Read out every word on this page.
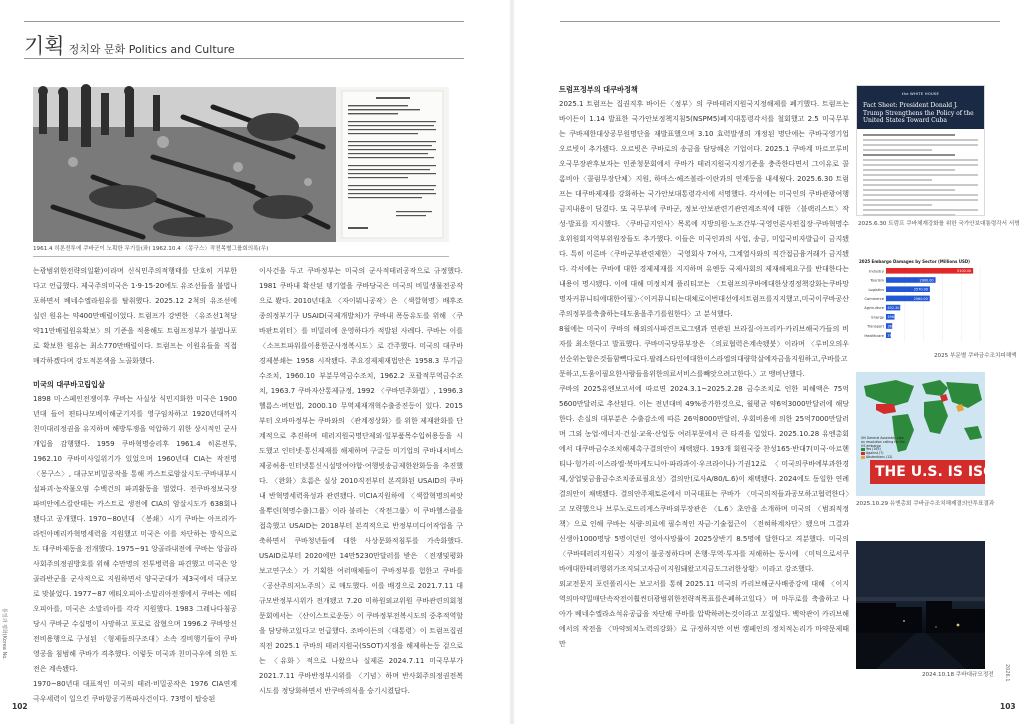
기획 정치와 문화 Politics and Culture
1961.4 히론전투에 쿠바군이 노획한 무기들(좌) 1962.10.4 〈몽구스〉작전목별그룹회의록(우)

는광범위한전략의일환)이라며 신식민주의적행태를 단호히 거부한다고 언급했다. 제국주의미국은 1·9·15·20에도 유조선들을 불법나포하면서 베네수엘라원유를 탈취했다. 2025.12 2척의 유조선에 실린 원유는 약400만배럴이었다. 트럼프가 강변한 〈유조선1척당약11만배럴원유확보〉의 기준을 적용해도 트럼프정부가 불법나포로 확보한 원유는 최소770만배럴이다. 트럼프는 이원유들을 직접 매각하겠다며 강도적본색을 노골화했다.

미국의 대쿠바고립입살

1898 미·스페인전쟁이후 쿠바는 사실상 식민지화한 미국은 1900년대 들어 편타나모베이해군기지를 영구임차하고 1920년대까지 친미대리정권을 유지하며 해방투쟁을 억압하기 위한 상시적인 군사개입을 감행했다. 1959 쿠바혁명승리후 1961.4 히론전투, 1962.10 쿠바미사일위기가 있었으며 1960년대 CIA는 작전명〈몽구스〉, 대규모비밀공작을 통해 카스트로암살시도·쿠바내부시설파괴·농작물오염 수백건의 파괴활동을 벌였다. 전쿠바정보국장 파비안에스칼란테는 카스트로 생전에 CIA의 암살시도가 638회나 됐다고 공개했다. 1970~80년대 〈봉쇄〉시기 쿠바는 아프리카·라틴아메리카혁명세력을 지원했고 미국은 이를 차단하는 방식으로도 대쿠바제동을 전개했다. 1975~91 앙골라내전에 쿠바는 앙골라사회주의정권방호를 위해 수만명의 전투병력을 파견했고 미국은 앙골라반군을 군사적으로 지원하면서 양국군대가 제3국에서 대규모로 맞붙었다. 1977~87 에티오피아·소말리아전쟁에서 쿠바는 에티오피아를, 미국은 소말리아를 각각 지원했다. 1983 그레나다침공당시 쿠바군 수십명이 사망하고 포로로 잡혔으며 1996.2 쿠바망신전비용행으로 구성된 〈형제들의구조대〉소속 경비행기들이 쿠바영공을 침범해 쿠바가 격추했다. 이렇듯 미국과 친미극우에 의한 도전은 계속됐다.

1970~80년대 대표적인 미국의 테러·비밀공작은 1976 CIA연계 극우세력이 일으킨 쿠바항공기폭파사건이다. 73명이 탑승된

이사건을 두고 쿠바정부는 미국의 군사적테러공작으로 규정했다. 1981 쿠바내 확산된 뎅기열을 쿠바당국은 미국의 비밀생물전공작으로 봤다. 2010년대초 〈자이붜니공작〉은 〈색깔혁명〉배후조종의정부기구 USAID(국제개발처)가 쿠바내 폭동유도를 위해 〈쿠바판트위터〉를 비밀리에 운영하다가 적발된 사례다. 쿠바는 이를 〈소프트파워를이용한군사정복시도〉로 간주했다. 미국의 대쿠바경제봉쇄는 1958 시작됐다. 주요경제제재법안은 1958.3 무기금수조치, 1960.10 부분무역금수조치, 1962.2 포괄적무역금수조치, 1963.7 쿠바자산통제규정, 1992 〈쿠바민주화법〉, 1996.3 헬름스·버턴법, 2000.10 무역제재개혁수출증진등이 있다. 2015부터 오바마정부는 쿠바와의 〈관계정상화〉를 위한 제재완화를 단계적으로 추진하며 테러지원국명단제외·일부품목수입허용등을 시도했고 인터넷·통신제재를 해제하며 구글등 미기업의 쿠바내서비스제공허용·인터넷통신시설망여야합·여행빗송금제한완화등을 추진했다. 〈완화〉흐름은 실상 2010직전부터 본격화된 USAID의 쿠바내 반혁명세력육성과 관련됐다. 미CIA지원하에 〈색깔혁명의씨앗을뿌린(혁명수출)그룹〉이라 불리는 〈작전그룹〉이 쿠바헬스클을 접촉했고 USAID는 2018부터 본격적으로 반정부미디어작업을 구축하면서 쿠바청년들에 대한 사상문화적침투를 가속화했다. USAID로부터 2020에만 14만5230만달러를 받은 〈전쟁및평화보고연구소〉가 기획한 여러매체들이 쿠바정부를 험한고 쿠바를 〈공산주의저노주의〉로 매도했다. 이를 배경으로 2021.7.11 대규모반정부시위가 전개됐고 7.20 미하원외교위원 쿠바관련의회청문회에서는 〈산이스트로운동〉이 쿠바정부전복시도의 중추적역할을 담당하고있다고 언급했다. 조바이든의〈대통령〉이 트럼프집권직전 2025.1 쿠바의 테러지원국(SSOT)지정을 해제하는등 겉으로는 〈유화〉적으로 나왔으나 실제론 2024.7.11 미국무부가 2021.7.11 쿠바반정부시위를 〈기념〉하며 반사회주의정권전복시도를 정당화하면서 반쿠바의식을 승기시켰답다.

통일과 평화(Korea No.
102

트럼프정부의 대쿠바정책

2025.1 트럼프는 집권직후 바이든〈정부〉의 쿠바테러지원국지정해제를 폐기했다. 트럼프는 바이든이 1.14 발표한 국가안보정책지침5(NSPM5)폐지대통령각서를 철회했고 2.5 미국무부는 쿠바제한대상공무원명단을 재발표했으며 3.10 효력발생의 개정된 명단에는 쿠바국영기업 오르빗이 추가됐다. 오르빗은 쿠바로의 송금을 담당해온 기업이다. 2025.1 쿠바계 마르코루비오국무장관후보자는 인준청문회에서 쿠바가 테러지원국지정기준을 충족한다면서 그이유로 콜롬비아〈콜럼무장단체〉지원, 하마스·헤즈볼라·이란과의 연계등을 내세웠다. 2025.6.30 트럼프는 대쿠바제재를 강화하는 국가안보대통령각서에 서명했다. 각서에는 미국인의 쿠바관광여행금지내용이 담겼다. 또 국무부에 쿠바군, 정보·안보관련기관연계조직에 대한 〈블랙리스트〉작성·발표를 지시했다. 〈쿠바금지인사〉목록에 지방의원·노조간부·국영언론사편집장·쿠바혁명수호위원회지역부위원장들도 추가했다. 이들은 미국인과의 사업, 송금, 미입국비자발급이 금지됐다. 특히 이른바〈쿠바군부관련제한〉 국영회사 7여사, 그계열사와의 직간접금융거래가 금지됐다. 각서에는 쿠바에 대한 경제제재를 지지하며 유엔등 국제사회의 제재해제요구를 반대한다는 내용이 명시됐다. 이에 대해 미정치계 플리티코는 〈트럼프의쿠바에대한상경정책강화는쿠바망명자커뮤니티에대한어필〉·〈이커뮤니티는대체로이번대선에서트럼프를지지했고,미국이쿠바공산주의정부를축출하는데도움을주기를원한다〉고 분석했다.
8월에는 미국이 쿠바의 해외의사파견프로그램과 연관된 브라질·아프리카·카리브해국가들의 비자를 최소한다고 발표했다. 쿠바미국당뮤부장은 〈의료협력은계속됐붓〉이라며 〈루비오의우선순위는합은것들함빽다로다.팔레스타인에대한이스라엘의대량학살에자금을지원하고,쿠바를고문하고,도움이필요한사람들을위한의료서비스를빼앗으려고한다.〉고 맹비난했다.
쿠바의 2025유엔보고서에 따르면 2024.3.1~2025.2.28 금수조치로 인한 피해액은 75억5600만달러로 추산된다. 이는 전년대비 49%증가한것으로, 월평균 약6억3000만달러에 해당한다. 손실의 대부분은 수출감소에 따른 26억8000만달러, 우회비용에 의한 25억7000만달러며 그외 농업·에너지·건설·교육·산업등 여러부문에서 큰 타격을 입었다. 2025.10.28 유엔총회에서 대쿠바금수조치해제촉구결의안이 채택됐다. 193개 회원국중 찬성165·반대7(미국·아르헨티나·헝가리·이스라엘·북마케도니아·파라과이·우크라이나)·기권12로 〈미국의쿠바에부과한경제,상업및금융금수조치종료필요성〉결의안(로사A/80/L.6)이 채택됐다. 2024에도 동일한 연례결의안이 채택됐다. 결의안주제토론에서 미국대표는 쿠바가 〈미국의적들과공모하고협력한다〉고 모략했으나 브루노로드리게스쿠바외무장관은 〈L.6〉초안을 소개하며 미국의 〈범죄적정책〉으로 인해 쿠바는 식량·의료에 필수적인 자금·기술접근이 〈전혀하계차단〉됐으며 그결과 신생아1000명당 5명이던인 영아사망률이 2025상반기 8.5명에 달한다고 격분했다. 미국의 〈쿠바테러리지원국〉지정이 불공정하다며 은행·무역·투자를 저해하는 동시에 〈미덕으로서쿠바에대한테러행위가조직되고자금이지원돼왔고지금도그러한상황〉이라고 강조했다.
외교전문지 포린폴리시는 보고서를 통해 2025.11 미국의 카리브해군사배증강에 대해 〈이지역의마약밀매단속작전이훨씬더광범위한전략적목표를은폐하고있다〉며 마두로를 축출하고 나아가 베네수엘라쇼석유공급을 차단해 쿠바를 압박하려는것이라고 꼬집었다. 백악관이 카리브해에서의 작전을 〈마약퇴치노력의강화〉로 규정하지만 이번 캠페인의 정치적논리가 마약문제때만

103
the WHITE HOUSE
Fact Sheet: President Donald J. Trump Strengthens the Policy of the United States Toward Cuba
2025.6.30 트럼프 쿠바체재강화를 위한 국가안보대통령각서 서명
2025 Embargo Damages by Sector (Millions USD)
Industry	5100.00
Tourism	2900.00
Logistics	2570.00
Commerce	2560.00
Agriculture 832.30
Energy 496.00
Transport 365.00
Healthcare 288.00
2025 부문별 쿠바금수조치피해액
UN General Assembly vote on resolution calling for the US embargo
Yes (165)
Against (7)
Abstentions (12)
THE U.S. IS ISOLA
2025.10.29 유엔총회 쿠바금수조치해제결의안투표결과
2024.10.18 쿠바대규모정전 2026.1
